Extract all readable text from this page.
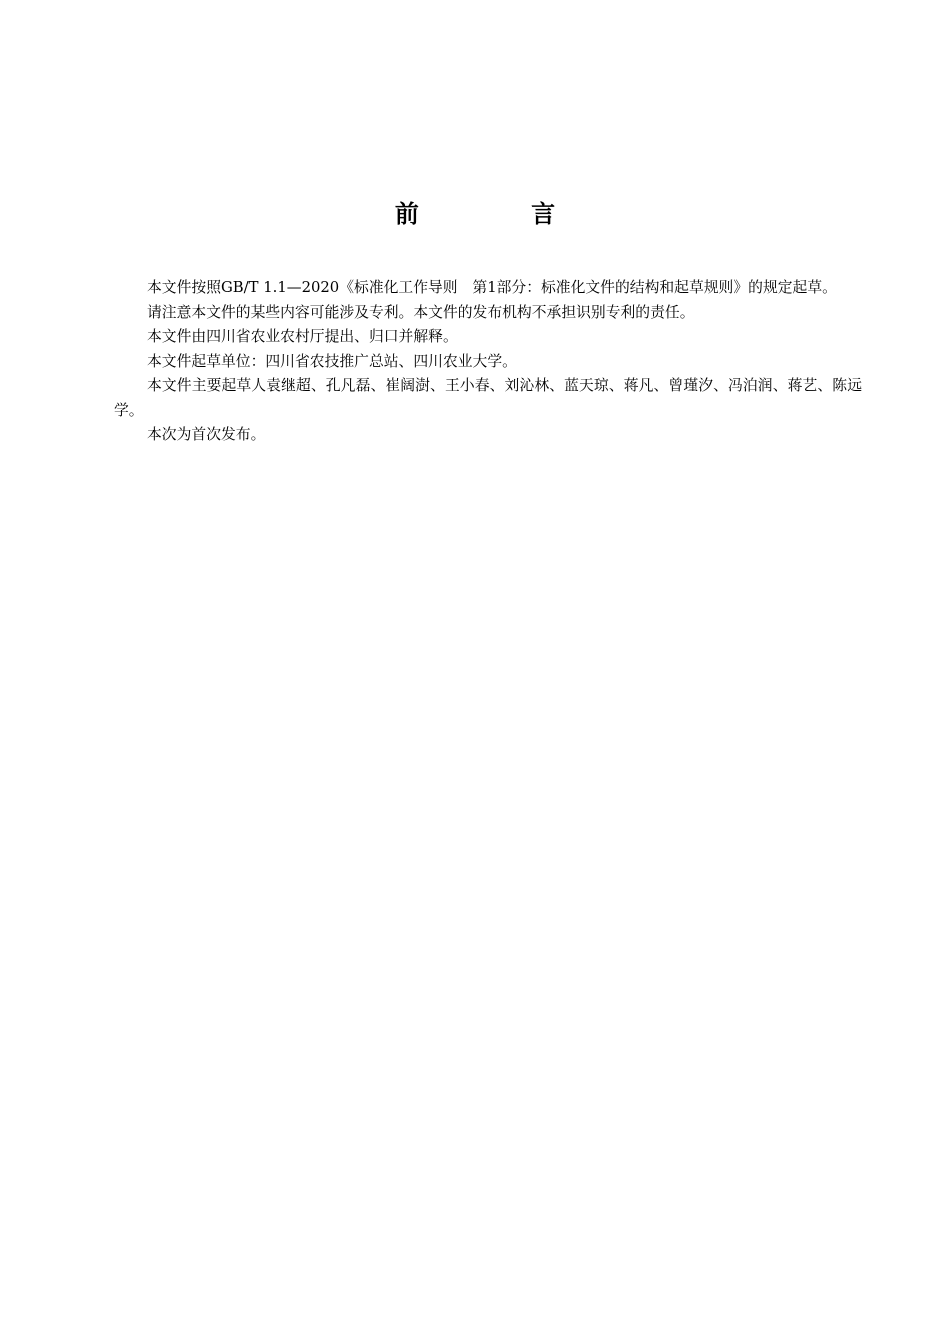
前 言

本文件按照GB/T 1.1—2020《标准化工作导则　第1部分：标准化文件的结构和起草规则》的规定起草。

请注意本文件的某些内容可能涉及专利。本文件的发布机构不承担识别专利的责任。

本文件由四川省农业农村厅提出、归口并解释。

本文件起草单位：四川省农技推广总站、四川农业大学。

本文件主要起草人袁继超、孔凡磊、崔阔澍、王小春、刘沁林、蓝天琼、蒋凡、曾瑾汐、冯泊润、蒋艺、陈远学。

本次为首次发布。
